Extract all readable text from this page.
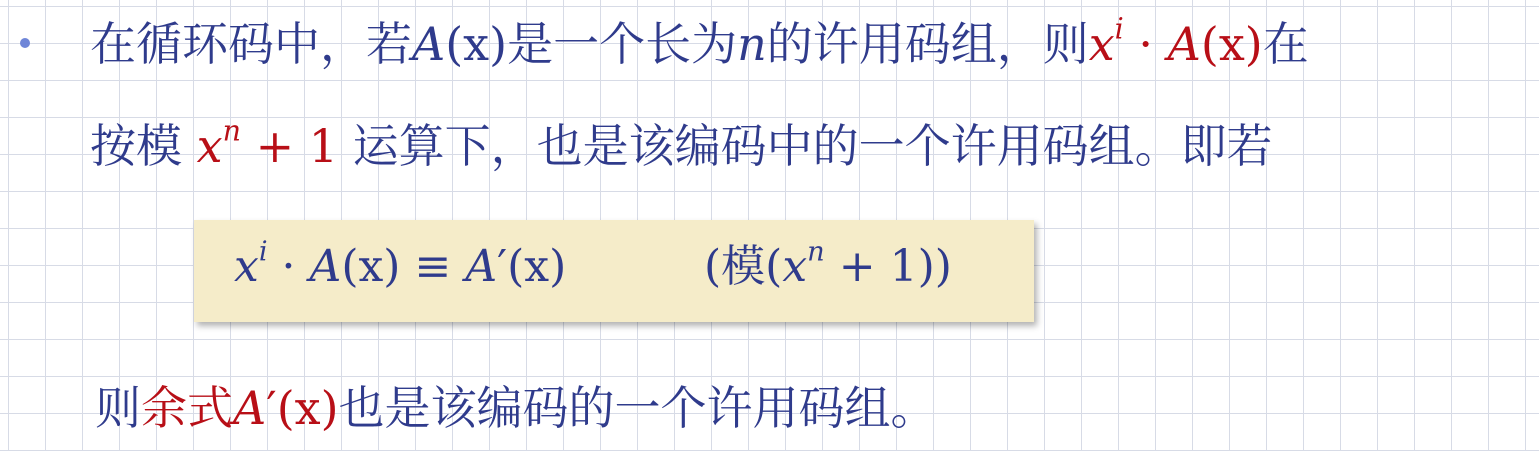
在循环码中，若A(x)是一个长为n的许用码组，则$x^i \cdot A(x)$在
按模 $x^n + 1$ 运算下，也是该编码中的一个许用码组。即若
$x^i \cdot A(x) \equiv A'(x)$	(模$(x^n + 1)$)
则余式A′(x)也是该编码的一个许用码组。
